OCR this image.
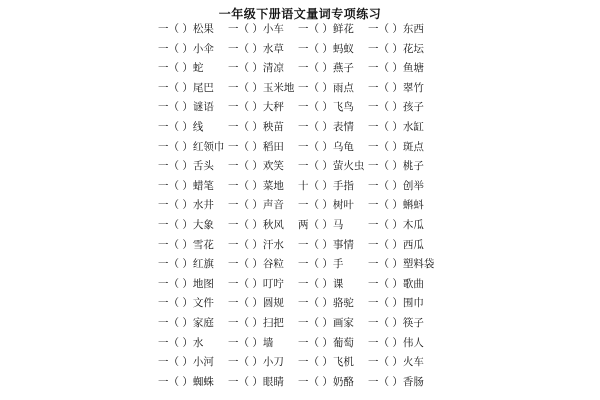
一年级下册语文量词专项练习
一（ ）松果 一（ ）小车 一（ ）鲜花 一（ ）东西
一（ ）小伞 一（ ）水草 一（ ）蚂蚁 一（ ）花坛
一（ ）蛇 一（ ）清凉 一（ ）燕子 一（ ）鱼塘
一（ ）尾巴 一（ ）玉米地 一（ ）雨点 一（ ）翠竹
一（ ）谜语 一（ ）大秤 一（ ）飞鸟 一（ ）孩子
一（ ）线 一（ ）秧苗 一（ ）表情 一（ ）水缸
一（ ）红领巾 一（ ）稻田 一（ ）乌龟 一（ ）斑点
一（ ）舌头 一（ ）欢笑 一（ ）萤火虫 一（ ）桃子
一（ ）蜡笔 一（ ）菜地 十（ ）手指 一（ ）创举
一（ ）水井 一（ ）声音 一（ ）树叶 一（ ）蝌蚪
一（ ）大象 一（ ）秋风 两（ ）马 一（ ）木瓜
一（ ）雪花 一（ ）汗水 一（ ）事情 一（ ）西瓜
一（ ）红旗 一（ ）谷粒 一（ ）手 一（ ）塑料袋
一（ ）地图 一（ ）叮咛 一（ ）课 一（ ）歌曲
一（ ）文件 一（ ）圆规 一（ ）骆驼 一（ ）围巾
一（ ）家庭 一（ ）扫把 一（ ）画家 一（ ）筷子
一（ ）水 一（ ）墙 一（ ）葡萄 一（ ）伟人
一（ ）小河 一（ ）小刀 一（ ）飞机 一（ ）火车
一（ ）蜘蛛 一（ ）眼睛 一（ ）奶酪 一（ ）香肠
